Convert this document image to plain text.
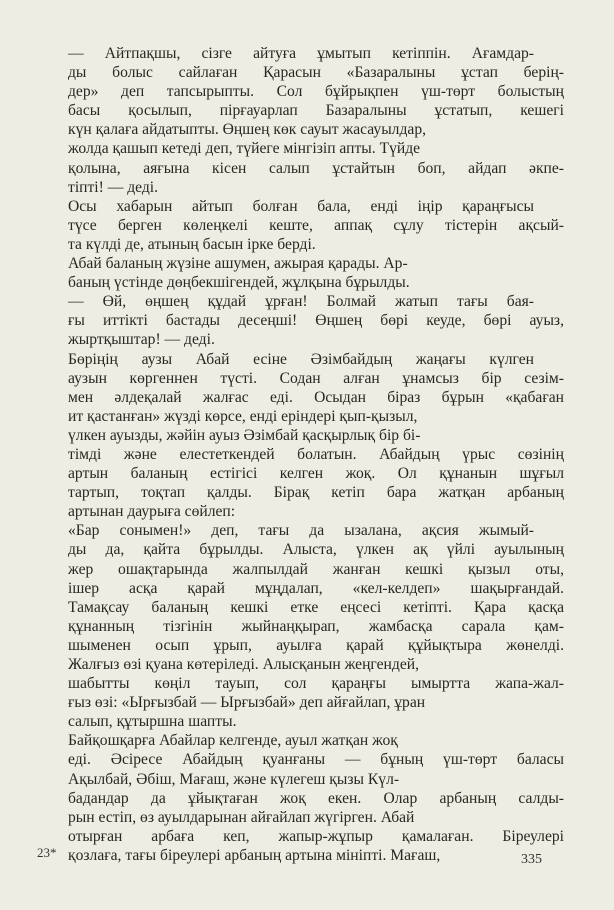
— Айтпақшы, сізге айтуға ұмытып кетіппін. Ағамдар-
ды болыс сайлаған Қарасын «Базаралыны ұстап берің-
дер» деп тапсырыпты. Сол бұйрықпен үш-төрт болыстың
басы қосылып, пірғауарлап Базаралыны ұстатып, кешегі
күн қалаға айдатыпты. Өңшең көк сауыт жасауылдар,
жолда қашып кетеді деп, түйеге мінгізіп апты. Түйде
қолына, аяғына кісен салып ұстайтын боп, айдап әкпе-
тіпті! — деді.

Осы хабарын айтып болған бала, енді іңір қараңғысы
түсе берген көлеңкелі кеште, аппақ сұлу тістерін ақсый-
та күлді де, атының басын ірке берді.

Абай баланың жүзіне ашумен, ажырая қарады. Ар-
баның үстінде дөңбекшігендей, жұлқына бұрылды.

— Өй, өңшең құдай ұрған! Болмай жатып тағы бая-
ғы иттікті бастады десеңші! Өңшең бөрі кеуде, бөрі ауыз,
жыртқыштар! — деді.

Бөріңің аузы Абай есіне Әзімбайдың жаңағы күлген
аузын көргеннен түсті. Содан алған ұнамсыз бір сезім-
мен әлдеқалай жалғас еді. Осыдан біраз бұрын «қабаған
ит қастанған» жүзді көрсе, енді ерiндері қып-қызыл,
үлкен ауызды, жәйін ауыз Әзімбай қасқырлық бір бі-
тімді және елестеткендей болатын. Абайдың үрыс сөзінің
артын баланың естігісі келген жоқ. Ол құнанын шұғыл
тартып, тоқтап қалды. Бірақ кетіп бара жатқан арбаның
артынан даурыға сөйлеп:

«Бар сонымен!» деп, тағы да ызалана, ақсия жымый-
ды да, қайта бұрылды. Алыста, үлкен ақ үйлі ауылының
жер ошақтарында жалпылдай жанған кешкі қызыл оты,
ішер асқа қарай мұңдалап, «кел-келдеп» шақырғандай.
Тамақсау баланың кешкі етке еңсесі кетіпті. Қара қасқа
құнанның тізгінін жыйнаңқырап, жамбасқа сарала қам-
шыменен осып ұрып, ауылға қарай құйықтыра жөнелді.
Жалғыз өзі қуана көтеріледі. Алысқанын жеңгендей,
шабытты көңіл тауып, сол қараңғы ымыртта жапа-жал-
ғыз өзі: «Ырғызбай — Ырғызбай» деп айғайлап, ұран
салып, құтыршна шапты.

Байқошқарға Абайлар келгенде, ауыл жатқан жоқ
еді. Әсіресе Абайдың қуанғаны — бұның үш-төрт баласы
Ақылбай, Әбіш, Мағаш, және күлегеш қызы Күл-
бадандар да ұйықтаған жоқ екен. Олар арбаның салды-
рын естіп, өз ауылдарынан айғайлап жүгірген. Абай
отырған арбаға кеп, жапыр-жұпыр қамалаған. Біреулері
қозлаға, тағы біреулері арбаның артына мініпті. Мағаш,

23*	335
